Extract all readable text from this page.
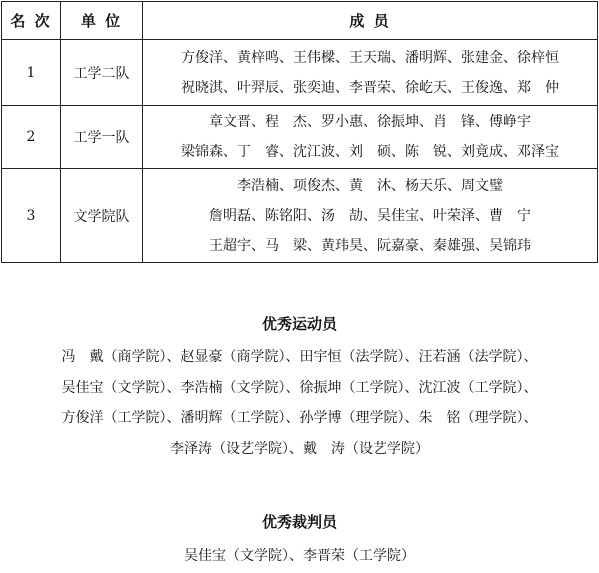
名 次	单 位	成 员
1	工学二队	方俊洋、黄梓鸣、王伟樑、王天瑞、潘明辉、张建金、徐梓恒
祝晓淇、叶羿辰、张奕迪、李晋荣、徐屹天、王俊逸、郑　仲

2	工学一队	章文晋、程　杰、罗小惠、徐振坤、肖　锋、傅峥宇
梁锦森、丁　睿、沈江波、刘　硕、陈　锐、刘竟成、邓泽宝

3	文学院队	李浩楠、项俊杰、黄　沐、杨天乐、周文璧
詹明磊、陈铭阳、汤　劼、吴佳宝、叶荣泽、曹　宁
王超宇、马　梁、黄玮昊、阮嘉豪、秦雄强、吴锦玮
优秀运动员
冯　戴（商学院）、赵显豪（商学院）、田宇恒（法学院）、汪若涵（法学院）、
吴佳宝（文学院）、李浩楠（文学院）、徐振坤（工学院）、沈江波（工学院）、
方俊洋（工学院）、潘明辉（工学院）、孙学博（理学院）、朱　铭（理学院）、
李泽涛（设艺学院）、戴　涛（设艺学院）
优秀裁判员
吴佳宝（文学院）、李晋荣（工学院）
